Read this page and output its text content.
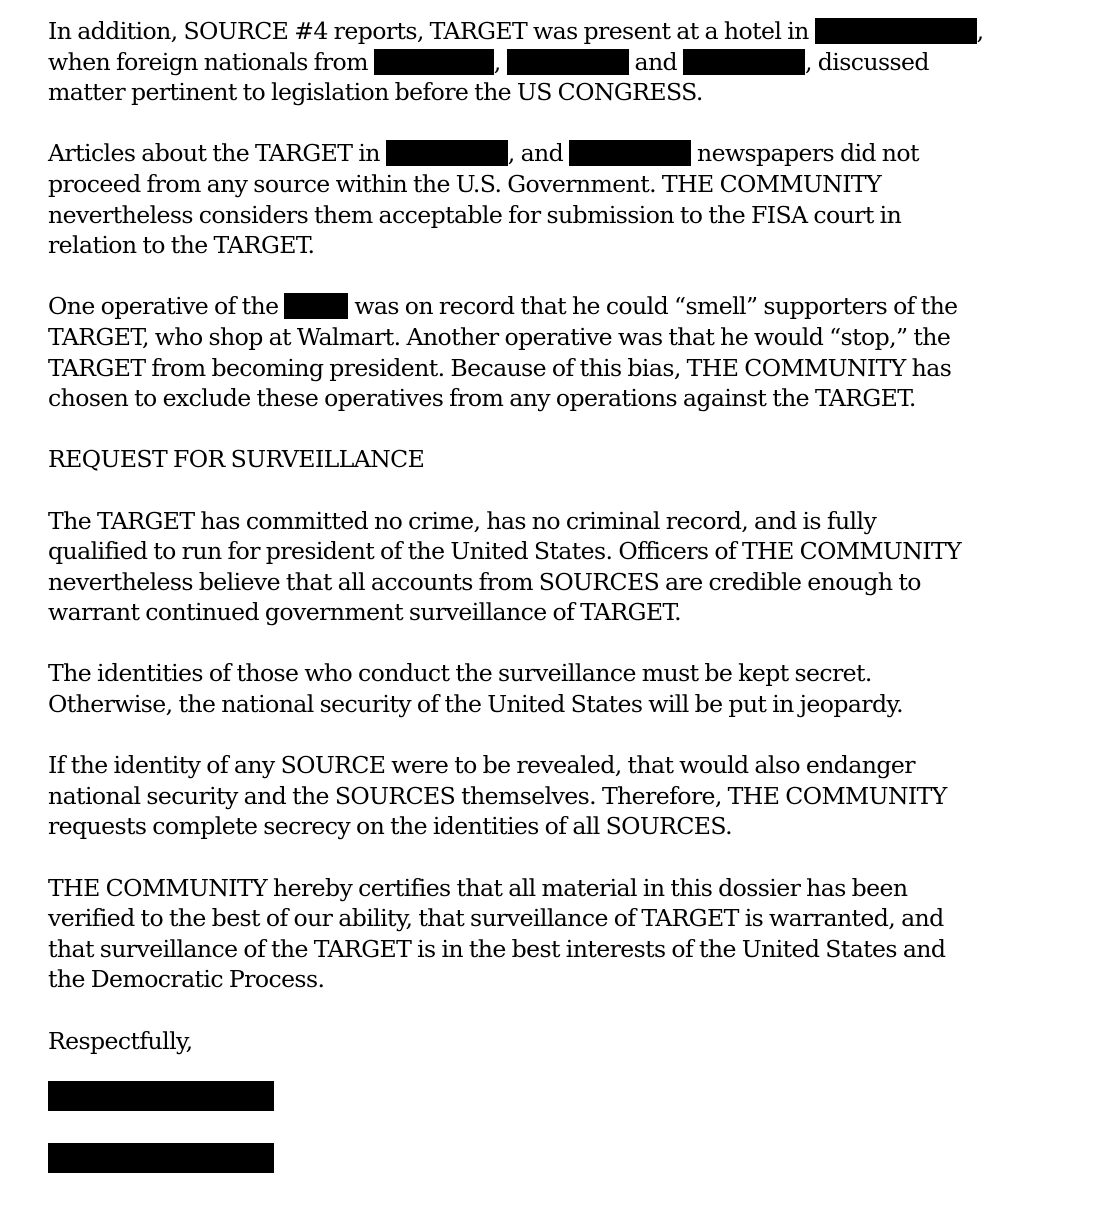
In addition, SOURCE #4 reports, TARGET was present at a hotel in	,
when foreign nationals from	,	and	, discussed
matter pertinent to legislation before the US CONGRESS.

Articles about the TARGET in	, and	newspapers did not
proceed from any source within the U.S. Government. THE COMMUNITY
nevertheless considers them acceptable for submission to the FISA court in
relation to the TARGET.

One operative of the	was on record that he could “smell” supporters of the
TARGET, who shop at Walmart. Another operative was that he would “stop,” the
TARGET from becoming president. Because of this bias, THE COMMUNITY has
chosen to exclude these operatives from any operations against the TARGET.

REQUEST FOR SURVEILLANCE

The TARGET has committed no crime, has no criminal record, and is fully
qualified to run for president of the United States. Officers of THE COMMUNITY
nevertheless believe that all accounts from SOURCES are credible enough to
warrant continued government surveillance of TARGET.

The identities of those who conduct the surveillance must be kept secret.
Otherwise, the national security of the United States will be put in jeopardy.

If the identity of any SOURCE were to be revealed, that would also endanger
national security and the SOURCES themselves. Therefore, THE COMMUNITY
requests complete secrecy on the identities of all SOURCES.

THE COMMUNITY hereby certifies that all material in this dossier has been
verified to the best of our ability, that surveillance of TARGET is warranted, and
that surveillance of the TARGET is in the best interests of the United States and
the Democratic Process.

Respectfully,
